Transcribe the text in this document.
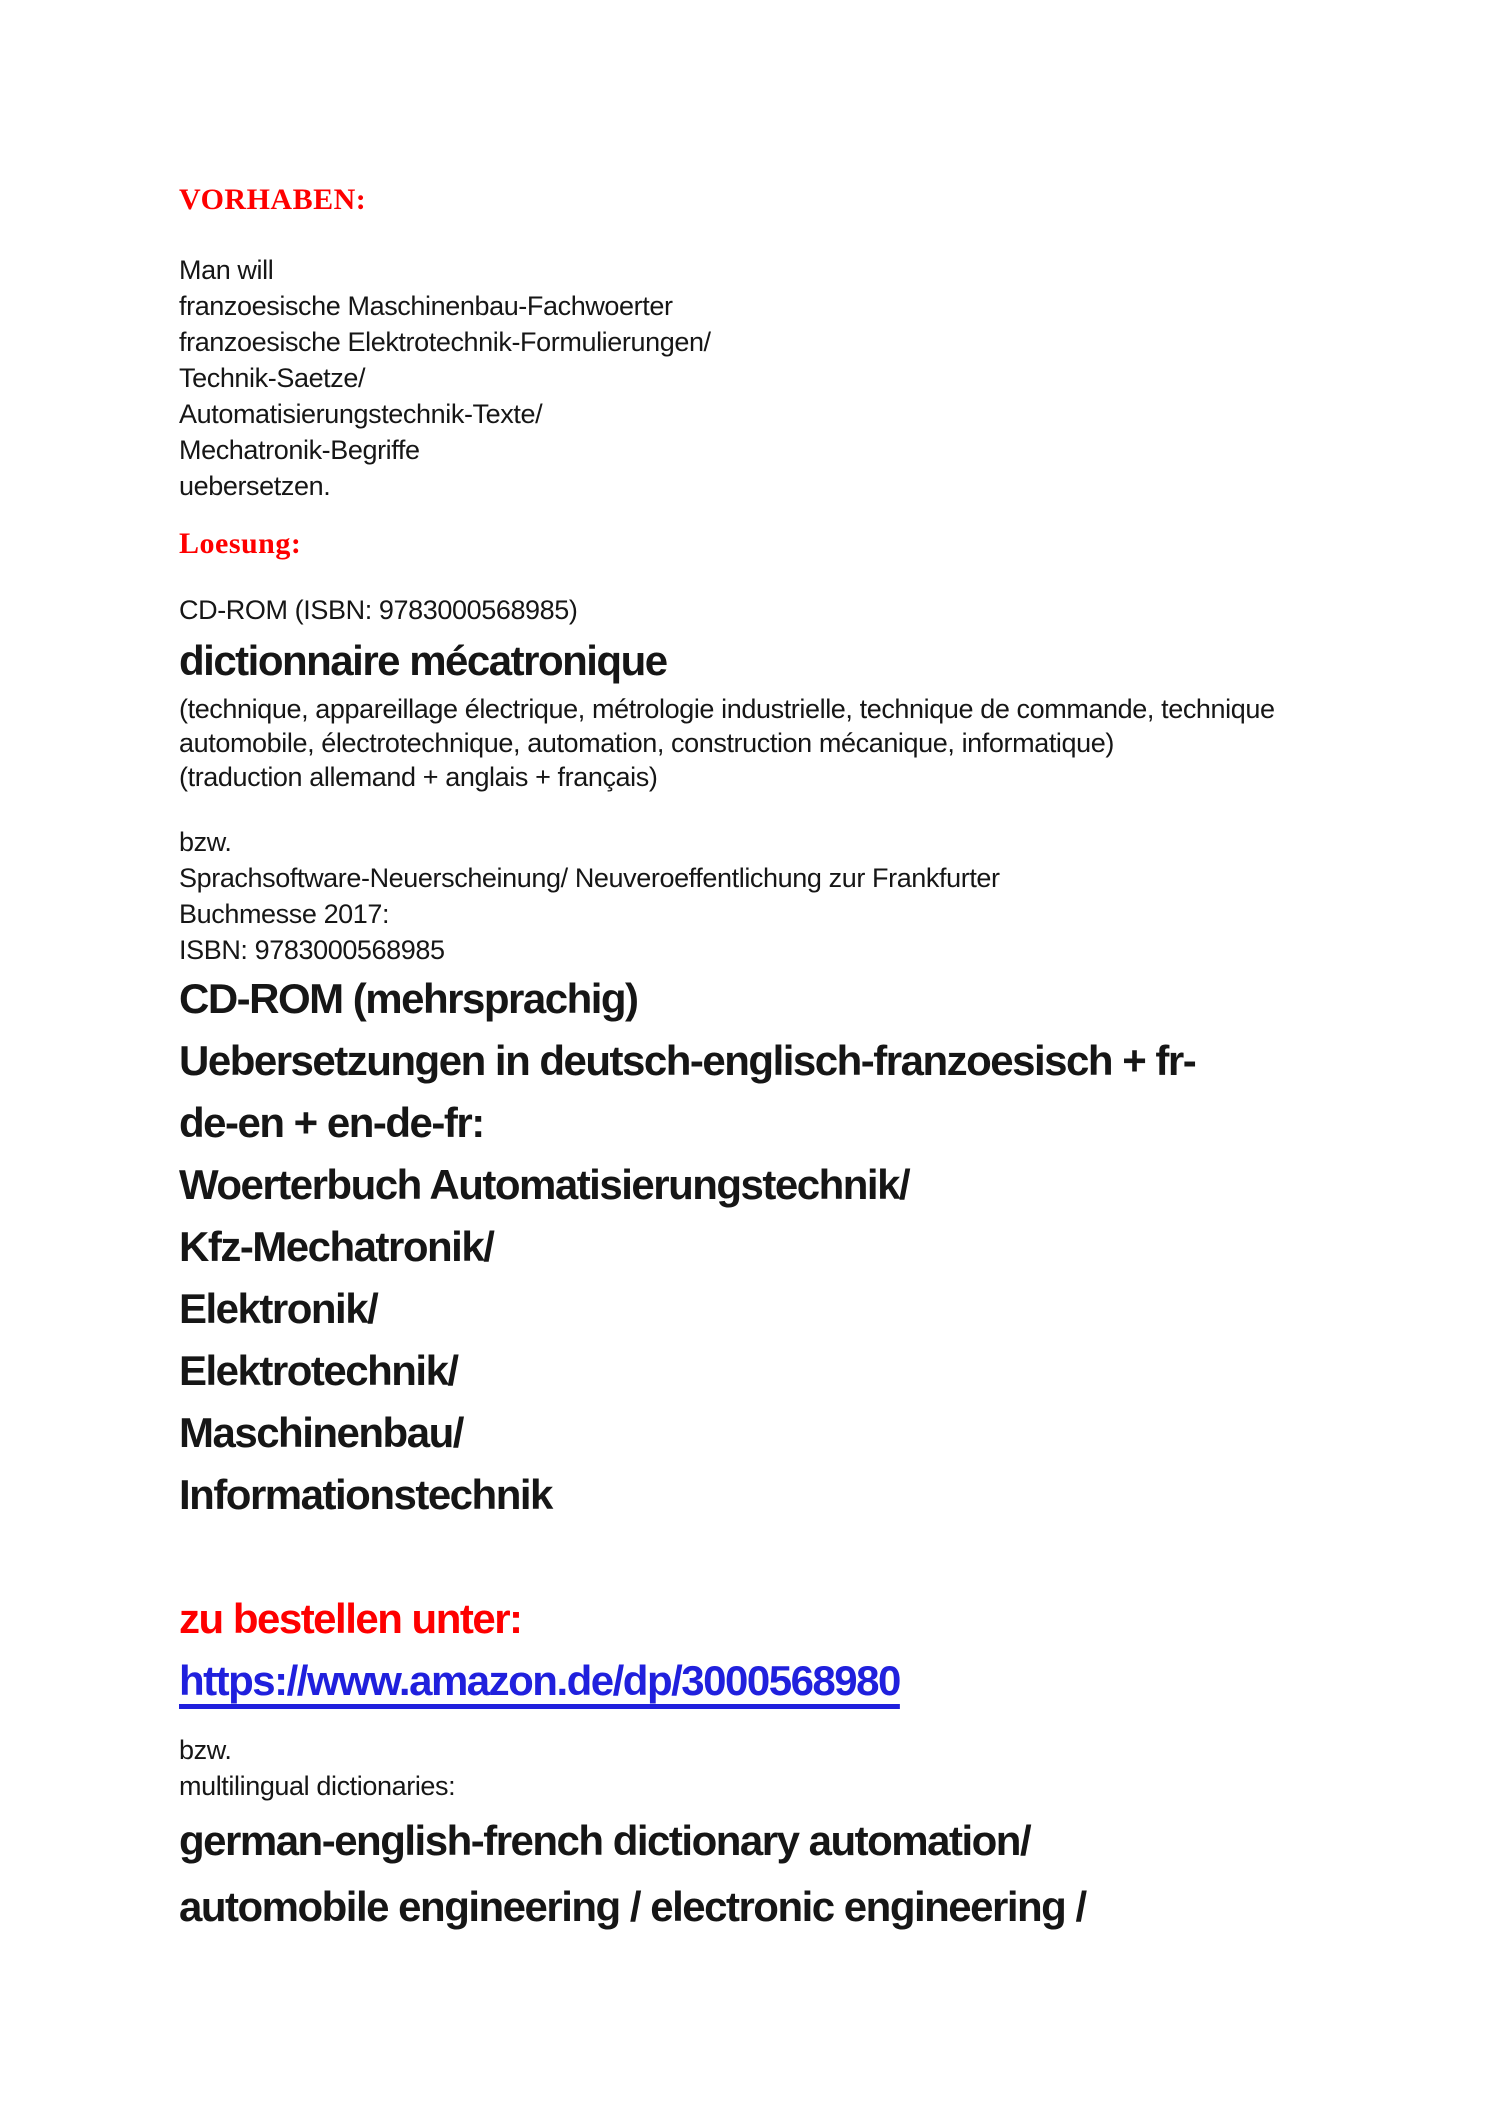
VORHABEN:
Man will
franzoesische Maschinenbau-Fachwoerter
franzoesische Elektrotechnik-Formulierungen/
Technik-Saetze/
Automatisierungstechnik-Texte/
Mechatronik-Begriffe
uebersetzen.
Loesung:
CD-ROM (ISBN: 9783000568985)
dictionnaire mécatronique
(technique, appareillage électrique, métrologie industrielle, technique de commande, technique
automobile, électrotechnique, automation, construction mécanique, informatique)
(traduction allemand + anglais + français)
bzw.
Sprachsoftware-Neuerscheinung/ Neuveroeffentlichung zur Frankfurter
Buchmesse 2017:
ISBN: 9783000568985
CD-ROM (mehrsprachig)
Uebersetzungen in deutsch-englisch-franzoesisch + fr-
de-en + en-de-fr:
Woerterbuch Automatisierungstechnik/
Kfz-Mechatronik/
Elektronik/
Elektrotechnik/
Maschinenbau/
Informationstechnik
zu bestellen unter:
https://www.amazon.de/dp/3000568980
bzw.
multilingual dictionaries:
german-english-french dictionary automation/
automobile engineering / electronic engineering /
